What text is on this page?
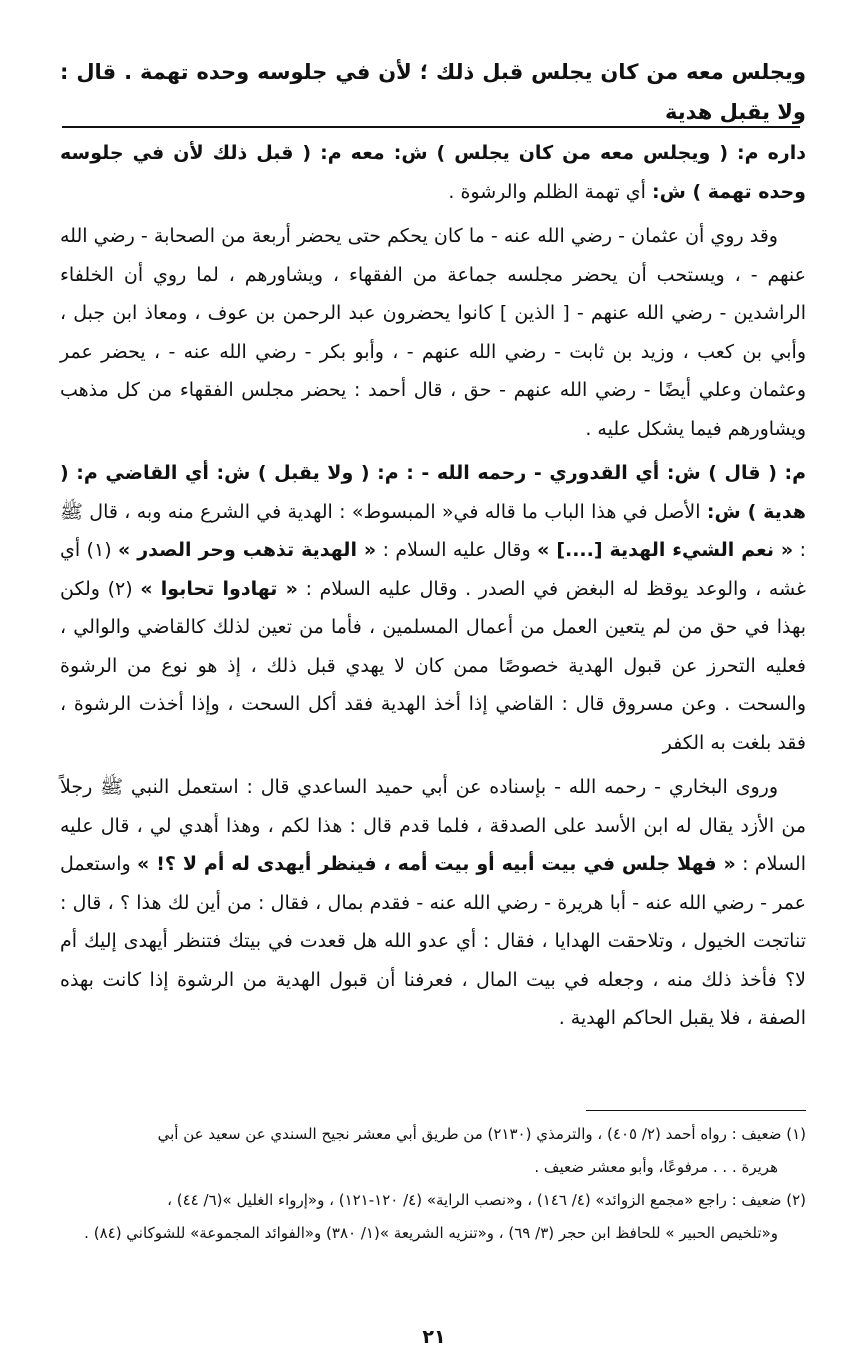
ويجلس معه من كان يجلس قبل ذلك ؛ لأن في جلوسه وحده تهمة . قال : ولا يقبل هدية

داره م: ( ويجلس معه من كان يجلس ) ش: معه م: ( قبل ذلك لأن في جلوسه وحده تهمة ) ش: أي تهمة الظلم والرشوة .

وقد روي أن عثمان - رضي الله عنه - ما كان يحكم حتى يحضر أربعة من الصحابة - رضي الله عنهم - ، ويستحب أن يحضر مجلسه جماعة من الفقهاء ، ويشاورهم ، لما روي أن الخلفاء الراشدين - رضي الله عنهم - [ الذين ] كانوا يحضرون عبد الرحمن بن عوف ، ومعاذ ابن جبل ، وأبي بن كعب ، وزيد بن ثابت - رضي الله عنهم - ، وأبو بكر - رضي الله عنه - ، يحضر عمر وعثمان وعلي أيضًا - رضي الله عنهم - حق ، قال أحمد : يحضر مجلس الفقهاء من كل مذهب ويشاورهم فيما يشكل عليه .

م: ( قال ) ش: أي القدوري - رحمه الله - : م: ( ولا يقبل ) ش: أي القاضي م: ( هدية ) ش: الأصل في هذا الباب ما قاله في« المبسوط» : الهدية في الشرع منه وبه ، قال ﷺ : « نعم الشيء الهدية [....] » وقال عليه السلام : « الهدية تذهب وحر الصدر » (١) أي غشه ، والوعد يوقظ له البغض في الصدر . وقال عليه السلام : « تهادوا تحابوا » (٢) ولكن بهذا في حق من لم يتعين العمل من أعمال المسلمين ، فأما من تعين لذلك كالقاضي والوالي ، فعليه التحرز عن قبول الهدية خصوصًا ممن كان لا يهدي قبل ذلك ، إذ هو نوع من الرشوة والسحت . وعن مسروق قال : القاضي إذا أخذ الهدية فقد أكل السحت ، وإذا أخذت الرشوة ، فقد بلغت به الكفر

وروى البخاري - رحمه الله - بإسناده عن أبي حميد الساعدي قال : استعمل النبي ﷺ رجلاً من الأزد يقال له ابن الأسد على الصدقة ، فلما قدم قال : هذا لكم ، وهذا أهدي لي ، قال عليه السلام : « فهلا جلس في بيت أبيه أو بيت أمه ، فينظر أيهدى له أم لا ؟! » واستعمل عمر - رضي الله عنه - أبا هريرة - رضي الله عنه - فقدم بمال ، فقال : من أين لك هذا ؟ ، قال : تناتجت الخيول ، وتلاحقت الهدايا ، فقال : أي عدو الله هل قعدت في بيتك فتنظر أيهدى إليك أم لا؟ فأخذ ذلك منه ، وجعله في بيت المال ، فعرفنا أن قبول الهدية من الرشوة إذا كانت بهذه الصفة ، فلا يقبل الحاكم الهدية .

(١) ضعيف : رواه أحمد (٢/ ٤٠٥) ، والترمذي (٢١٣٠) من طريق أبي معشر نجيح السندي عن سعيد عن أبي
هريرة . . . مرفوعًا، وأبو معشر ضعيف .

(٢) ضعيف : راجع «مجمع الزوائد» (٤/ ١٤٦) ، و«نصب الراية» (٤/ ١٢٠-١٢١) ، و«إرواء الغليل »(٦/ ٤٤) ،
و«تلخيص الحبير » للحافظ ابن حجر (٣/ ٦٩) ، و«تنزيه الشريعة »(١/ ٣٨٠) و«الفوائد المجموعة» للشوكاني (٨٤) .

٢١
